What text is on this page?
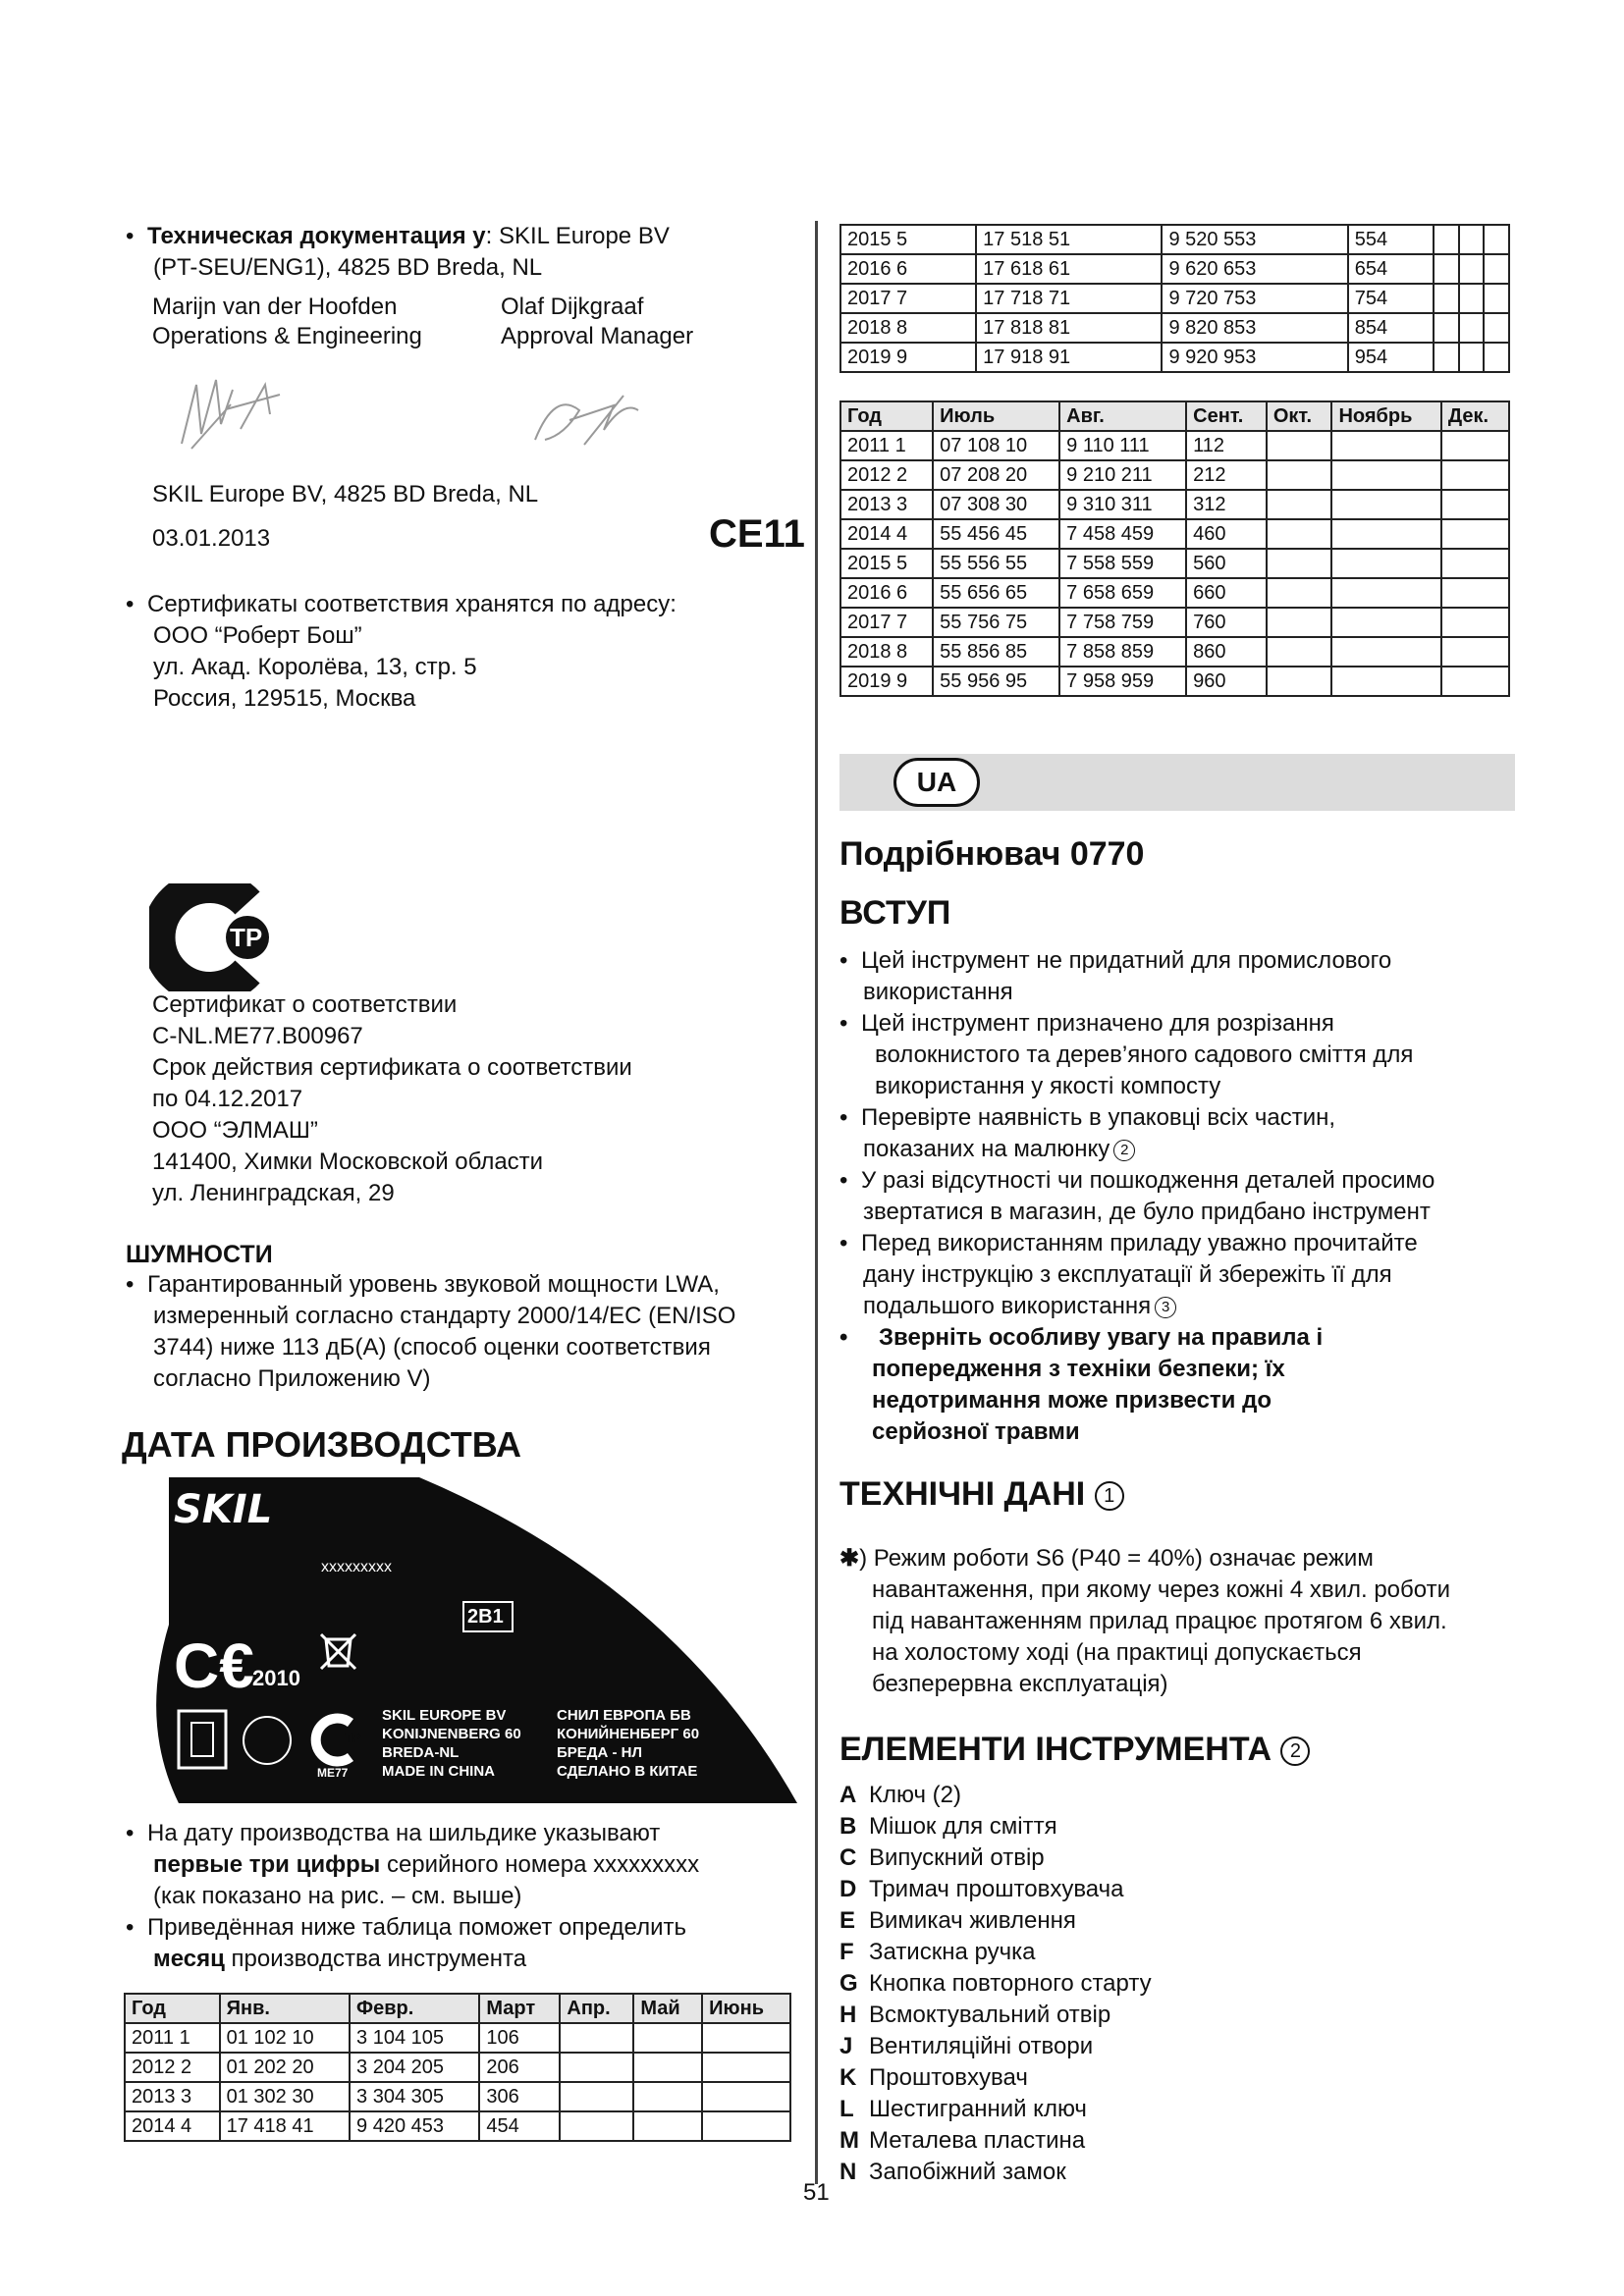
• Техническая документация у: SKIL Europe BV
(PT-SEU/ENG1), 4825 BD Breda, NL
Marijn van der Hoofden
Operations & Engineering
Olaf Dijkgraaf
Approval Manager
SKIL Europe BV, 4825 BD Breda, NL
03.01.2013	CE11
• Сертификаты соответствия хранятся по адресу:
ООО “Роберт Бош”
ул. Акад. Королёва, 13, стр. 5
Россия, 129515, Москва
ТР
Сертификат о соответствии
C-NL.ME77.B00967
Срок действия сертификата о соответствии
по 04.12.2017
ООО “ЭЛМАШ”
141400, Химки Московской области
ул. Ленинградская, 29
ШУМНОСТИ
• Гарантированный уровень звуковой мощности LWA,
измеренный согласно стандарту 2000/14/EC (EN/ISO
3744) ниже 113 дБ(A) (способ оценки соответствия
согласно Приложению V)
ДАТА ПРОИЗВОДСТВА
SKIL
xxxxxxxxx
2B1
C€
2010
SKIL EUROPE BV
KONIJNENBERG 60
BREDA-NL
MADE IN CHINA
СНИЛ ЕВРОПА БВ
КОНИЙНЕНБЕРГ 60
БРЕДА - НЛ
СДЕЛАНО В КИТАЕ
ТР
ME77
• На дату производства на шильдике указывают
первые три цифры серийного номера xxxxxxxxx
(как показано на рис. – см. выше)
• Приведённая ниже таблица поможет определить
месяц производства инструмента
Год	Янв.	Февр.	Март	Апр.	Май	Июнь
2011 1	01 102 10	3 104 105	106			
2012 2	01 202 20	3 204 205	206			
2013 3	01 302 30	3 304 305	306			
2014 4	17 418 41	9 420 453	454			
2015 5	17 518 51	9 520 553	554			
2016 6	17 618 61	9 620 653	654			
2017 7	17 718 71	9 720 753	754			
2018 8	17 818 81	9 820 853	854			
2019 9	17 918 91	9 920 953	954			
Год	Июль	Авг.	Сент.	Окт.	Ноябрь	Дек.
2011 1	07 108 10	9 110 111	112			
2012 2	07 208 20	9 210 211	212			
2013 3	07 308 30	9 310 311	312			
2014 4	55 456 45	7 458 459	460			
2015 5	55 556 55	7 558 559	560			
2016 6	55 656 65	7 658 659	660			
2017 7	55 756 75	7 758 759	760			
2018 8	55 856 85	7 858 859	860			
2019 9	55 956 95	7 958 959	960			
UA
Подрібнювач 0770
ВСТУП
• Цей інструмент не придатний для промислового
використання
• Цей інструмент призначено для розрізання
волокнистого та дерев’яного садового сміття для
використання у якості компосту
• Перевірте наявність в упаковці всіх частин,
показаних на малюнку 2
• У разі відсутності чи пошкодження деталей просимо
звертатися в магазин, де було придбано інструмент
• Перед використанням приладу уважно прочитайте
дану інструкцію з експлуатації й збережіть її для
подальшого використання 3
•	Зверніть особливу увагу на правила і
попередження з техніки безпеки; їх
недотримання може призвести до
серйозної травми
ТЕХНІЧНІ ДАНІ 1
✱) Режим роботи S6 (P40 = 40%) означає режим
навантаження, при якому через кожні 4 хвил. роботи
під навантаженням прилад працює протягом 6 хвил.
на холостому ході (на практиці допускається
безперервна експлуатація)
ЕЛЕМЕНТИ ІНСТРУМЕНТА 2
A Ключ (2)
B Мішок для сміття
C Випускний отвір
D Тримач проштовхувача
E Вимикач живлення
F Затискна ручка
G Кнопка повторного старту
H Всмоктувальний отвір
J Вентиляційні отвори
K Проштовхувач
L Шестигранний ключ
M Металева пластина
N Запобіжний замок
51
